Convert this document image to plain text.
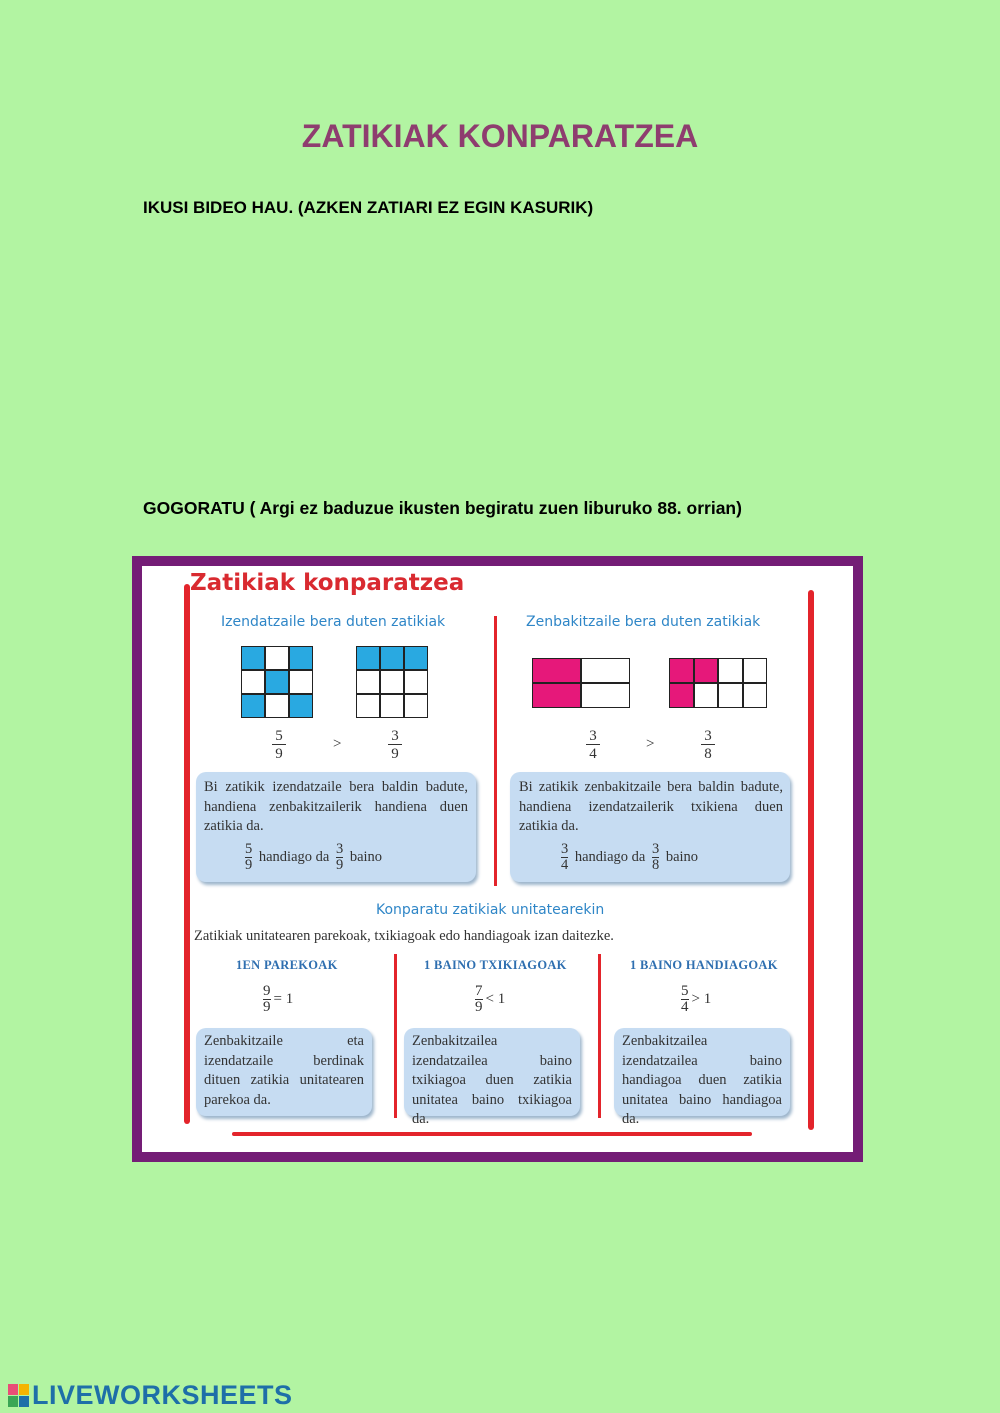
ZATIKIAK KONPARATZEA
IKUSI BIDEO HAU. (AZKEN ZATIARI EZ EGIN KASURIK)
GOGORATU ( Argi ez baduzue ikusten begiratu zuen liburuko 88. orrian)
Zatikiak konparatzea
Izendatzaile bera duten zatikiak
$\frac{5}{9}$	>	$\frac{3}{9}$
Bi zatikik izendatzaile bera baldin badute, handiena zenbakitzailerik handiena duen zatikia da.
$\frac{5}{9}$ handiago da $\frac{3}{9}$ baino
Zenbakitzaile bera duten zatikiak
$\frac{3}{4}$	>	$\frac{3}{8}$
Bi zatikik zenbakitzaile bera baldin badute, handiena izendatzailerik txikiena duen zatikia da.
$\frac{3}{4}$ handiago da $\frac{3}{8}$ baino
Konparatu zatikiak unitatearekin
Zatikiak unitatearen parekoak, txikiagoak edo handiagoak izan daitezke.
1EN PAREKOAK
$\frac{9}{9} = 1$
Zenbakitzaile eta izendatzaile berdinak dituen zatikia unitatearen parekoa da.
1 BAINO TXIKIAGOAK
$\frac{7}{9} < 1$
Zenbakitzailea izendatzailea baino txikiagoa duen zatikia unitatea baino txikiagoa da.
1 BAINO HANDIAGOAK
$\frac{5}{4} > 1$
Zenbakitzailea izendatzailea baino handiagoa duen zatikia unitatea baino handiagoa da.
LIVEWORKSHEETS
